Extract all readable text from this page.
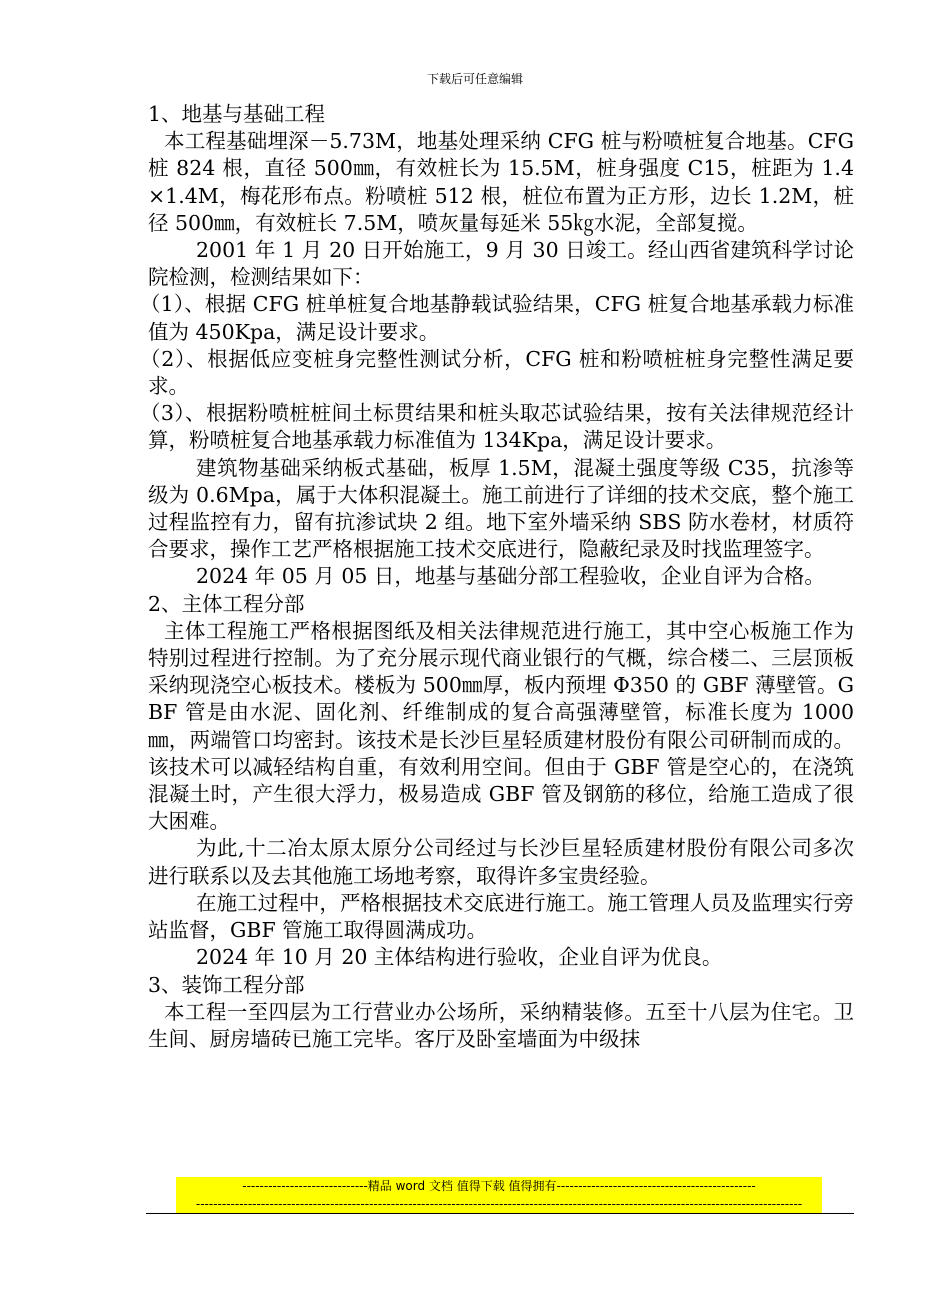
下载后可任意编辑

1、地基与基础工程

本工程基础埋深－5.73M，地基处理采纳 CFG 桩与粉喷桩复合地基。CFG 桩 824 根，直径 500㎜，有效桩长为 15.5M，桩身强度 C15，桩距为 1.4×1.4M，梅花形布点。粉喷桩 512 根，桩位布置为正方形，边长 1.2M，桩径 500㎜，有效桩长 7.5M，喷灰量每延米 55㎏水泥，全部复搅。

2001 年 1 月 20 日开始施工，9 月 30 日竣工。经山西省建筑科学讨论院检测，检测结果如下：

（1）、根据 CFG 桩单桩复合地基静载试验结果，CFG 桩复合地基承载力标准值为 450Kpa，满足设计要求。

（2）、根据低应变桩身完整性测试分析，CFG 桩和粉喷桩桩身完整性满足要求。

（3）、根据粉喷桩桩间土标贯结果和桩头取芯试验结果，按有关法律规范经计算，粉喷桩复合地基承载力标准值为 134Kpa，满足设计要求。

建筑物基础采纳板式基础，板厚 1.5M，混凝土强度等级 C35，抗渗等级为 0.6Mpa，属于大体积混凝土。施工前进行了详细的技术交底，整个施工过程监控有力，留有抗渗试块 2 组。地下室外墙采纳 SBS 防水卷材，材质符合要求，操作工艺严格根据施工技术交底进行，隐蔽纪录及时找监理签字。

2024 年 05 月 05 日，地基与基础分部工程验收，企业自评为合格。

2、主体工程分部

主体工程施工严格根据图纸及相关法律规范进行施工，其中空心板施工作为特别过程进行控制。为了充分展示现代商业银行的气概，综合楼二、三层顶板采纳现浇空心板技术。楼板为 500㎜厚，板内预埋 Φ350 的 GBF 薄壁管。GBF 管是由水泥、固化剂、纤维制成的复合高强薄壁管，标准长度为 1000㎜，两端管口均密封。该技术是长沙巨星轻质建材股份有限公司研制而成的。该技术可以减轻结构自重，有效利用空间。但由于 GBF 管是空心的，在浇筑混凝土时，产生很大浮力，极易造成 GBF 管及钢筋的移位，给施工造成了很大困难。

为此,十二冶太原太原分公司经过与长沙巨星轻质建材股份有限公司多次进行联系以及去其他施工场地考察，取得许多宝贵经验。

在施工过程中，严格根据技术交底进行施工。施工管理人员及监理实行旁站监督，GBF 管施工取得圆满成功。

2024 年 10 月 20 主体结构进行验收，企业自评为优良。

3、装饰工程分部

本工程一至四层为工行营业办公场所，采纳精装修。五至十八层为住宅。卫生间、厨房墙砖已施工完毕。客厅及卧室墙面为中级抹

-----------------------------精品 word 文档 值得下载 值得拥有----------------------------------------------
--------------------------------------------------------------------------------------------------------------------------------------------
